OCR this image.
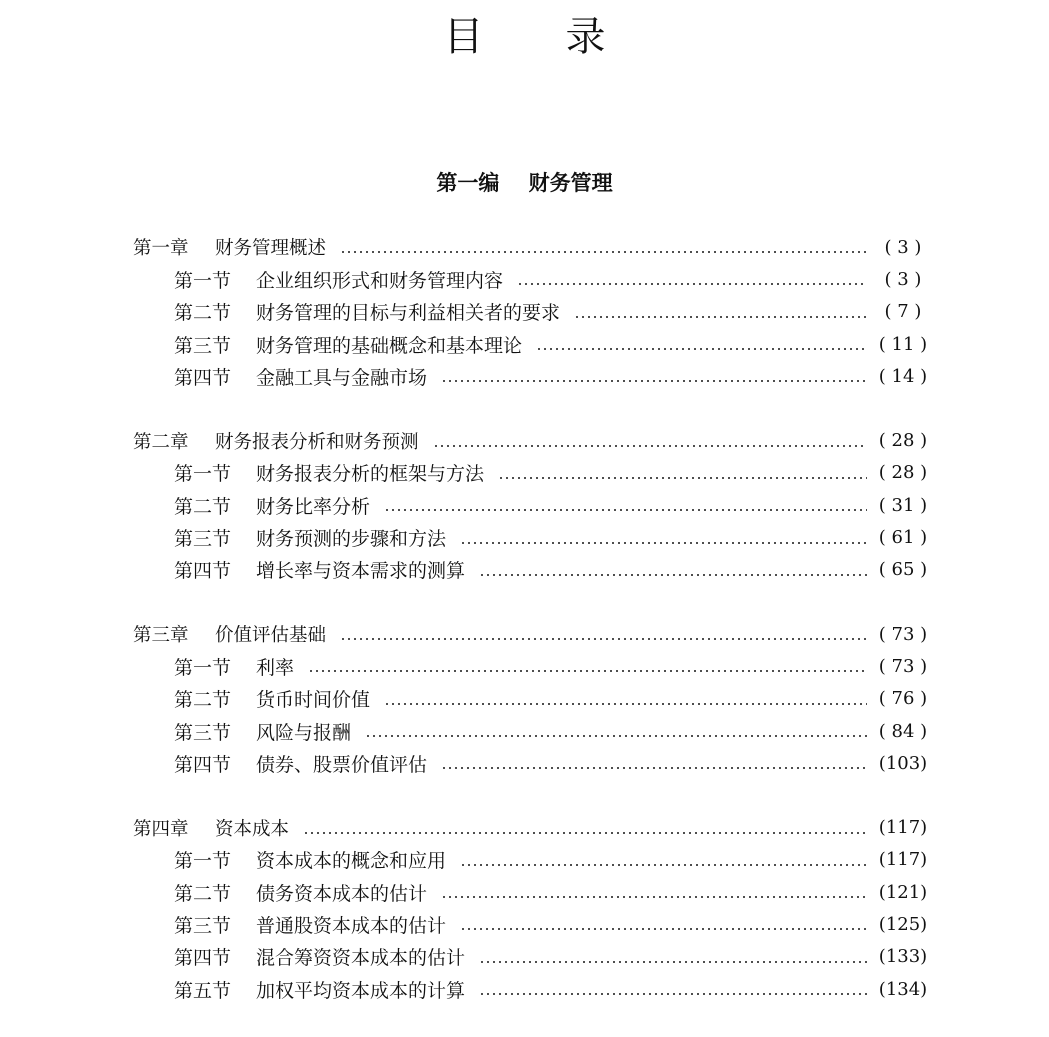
目 录
第一编    财务管理
第一章	财务管理概述	( 3 )
第一节	企业组织形式和财务管理内容	( 3 )
第二节	财务管理的目标与利益相关者的要求	( 7 )
第三节	财务管理的基础概念和基本理论	( 11 )
第四节	金融工具与金融市场	( 14 )
第二章	财务报表分析和财务预测	( 28 )
第一节	财务报表分析的框架与方法	( 28 )
第二节	财务比率分析	( 31 )
第三节	财务预测的步骤和方法	( 61 )
第四节	增长率与资本需求的测算	( 65 )
第三章	价值评估基础	( 73 )
第一节	利率	( 73 )
第二节	货币时间价值	( 76 )
第三节	风险与报酬	( 84 )
第四节	债券、股票价值评估	(103)
第四章	资本成本	(117)
第一节	资本成本的概念和应用	(117)
第二节	债务资本成本的估计	(121)
第三节	普通股资本成本的估计	(125)
第四节	混合筹资资本成本的估计	(133)
第五节	加权平均资本成本的计算	(134)
